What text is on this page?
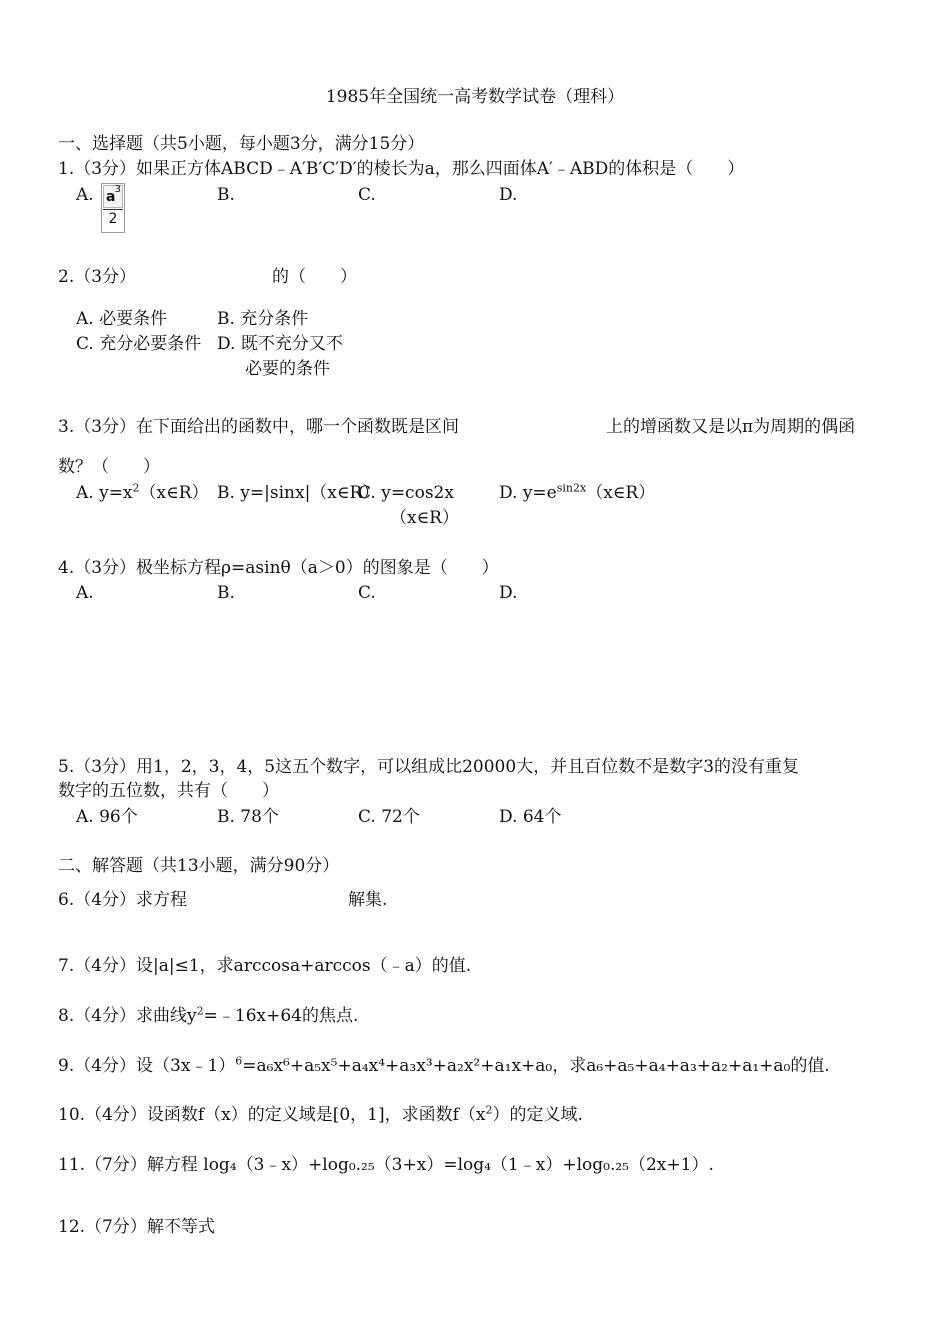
1985年全国统一高考数学试卷（理科）
一、选择题（共5小题，每小题3分，满分15分）
1.（3分）如果正方体ABCD﹣A′B′C′D′的棱长为a，那么四面体A′﹣ABD的体积是（　　）
A. $\frac{a 3}{2}$	B.	C.	D.
2.（3分）	的（　　）
A. 必要条件	B. 充分条件
C. 充分必要条件 D. 既不充分又不
必要的条件
3.（3分）在下面给出的函数中，哪一个函数既是区间	上的增函数又是以π为周期的偶函
数？（　　）
A. $y=x^2(x\in R)$ B. y=|sinx|（x∈R）
C. y=cos2x
（x∈R）
D. $y=e^{sin2x}(x\in R)$
4.（3分）极坐标方程ρ=asinθ（a＞0）的图象是（　　）
A.	B.	C.	D.
5.（3分）用1，2，3，4，5这五个数字，可以组成比20000大，并且百位数不是数字3的没有重复
数字的五位数，共有（　　）
A. 96个	B. 78个	C. 72个	D. 64个
二、解答题（共13小题，满分90分）
6.（4分）求方程	解集.
7.（4分）设|a|≤1，求arccosa+arccos（﹣a）的值.
8.（4分）求曲线$y^2=﹣16x+64$的焦点.
9.（4分）设（3x﹣1）$^6$=a₆x⁶+a₅x⁵+a₄x⁴+a₃x³+a₂x²+a₁x+a₀，求a₆+a₅+a₄+a₃+a₂+a₁+a₀的值.
10.（4分）设函数f（x）的定义域是[0，1]，求函数$f(x^2)$的定义域.
11.（7分）解方程 log₄（3﹣x）+log₀.₂₅（3+x）=log₄（1﹣x）+log₀.₂₅（2x+1）.
12.（7分）解不等式
